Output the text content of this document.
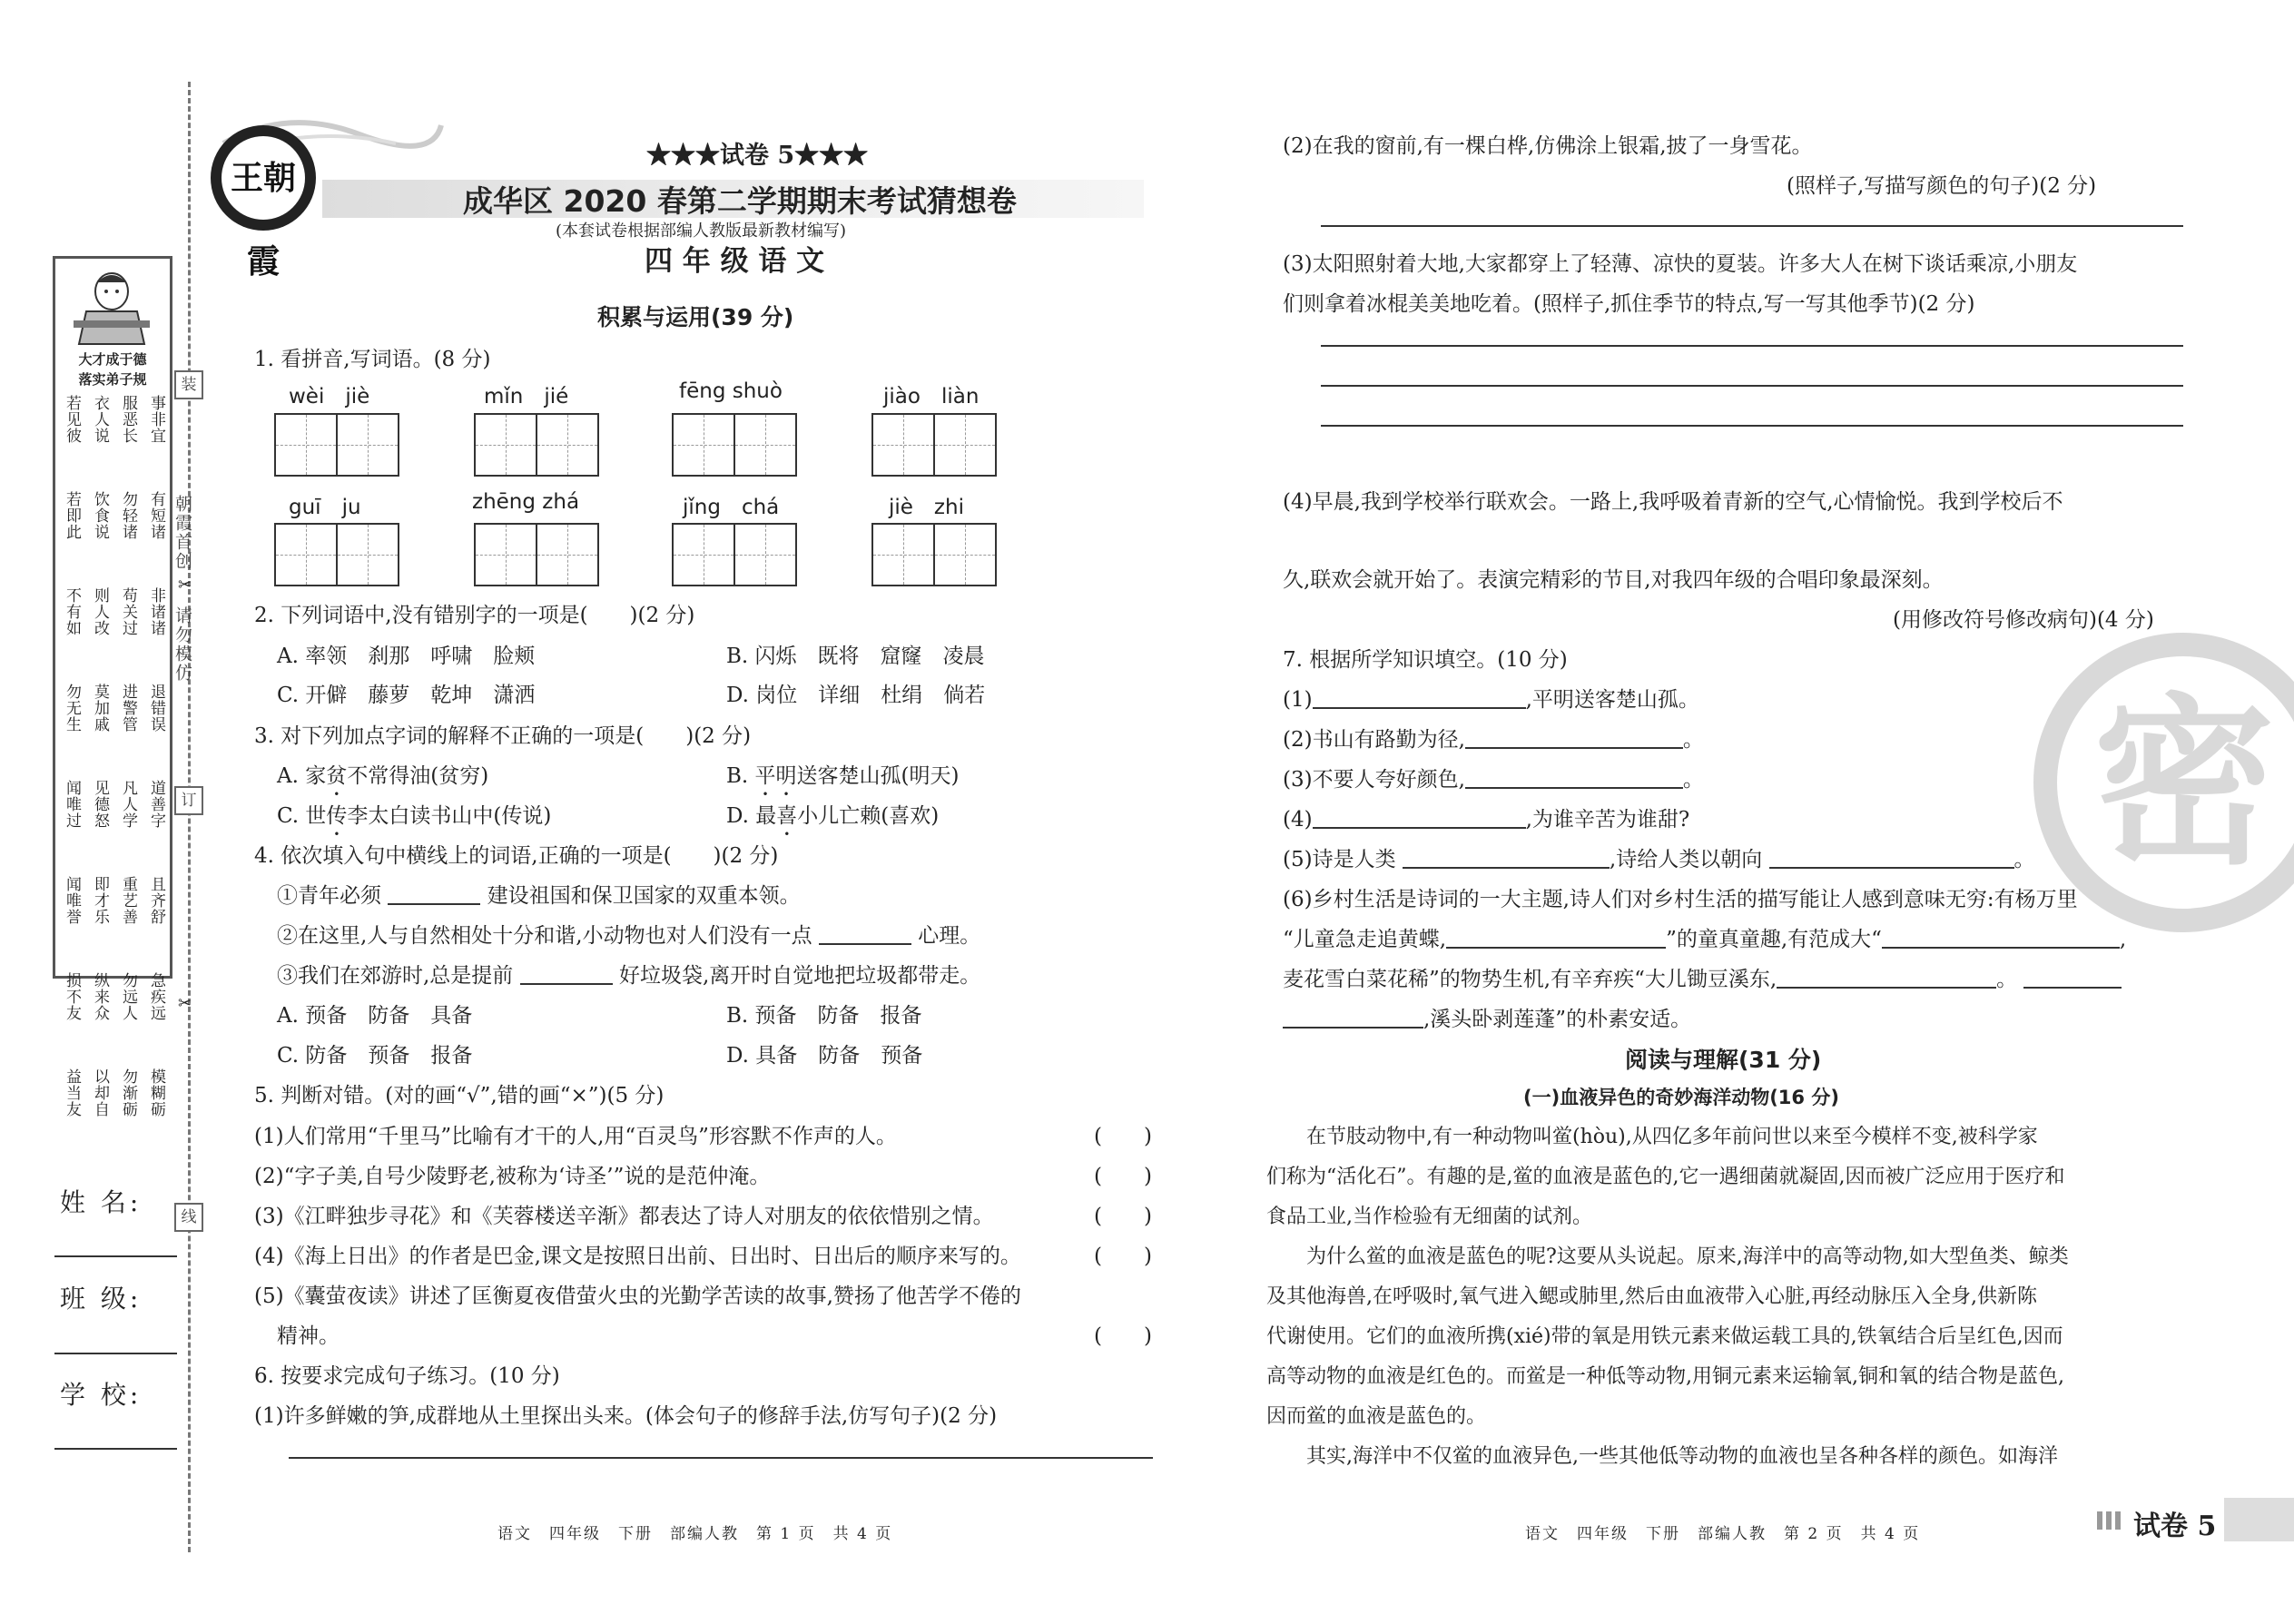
装
订
线
朝霞首创
请勿模仿
✂
✂
大才成于德
落实弟子规
若见彼 衣人说 服恶长 事非宜
若即此 饮食说 勿轻诸 有短诸
不有如 则人改 苟关过 非诸诸
勿无生 莫加戚 进警管 退错误
闻唯过 见德怒 凡人学 道善字
闻唯誉 即才乐 重艺善 且齐舒
损不友 纵来众 勿远人 急疾远
益当友 以却自 勿渐砺 模糊砺
姓 名:
班 级:
学 校:
王朝霞
★★★试卷 5★★★
成华区 2020 春第二学期期末考试猜想卷
(本套试卷根据部编人教版最新教材编写)
四 年 级 语 文
积累与运用(39 分)
1. 看拼音,写词语。(8 分)
wèi　jiè	mǐn　jié	fēng shuò	jiào　liàn
guī　ju	zhēng zhá	jǐng　chá	jiè　zhi
2. 下列词语中,没有错别字的一项是(　　)(2 分)
A. 率领　刹那　呼啸　脸颊	B. 闪烁　既将　窟窿　凌晨
C. 开僻　藤萝　乾坤　潇洒	D. 岗位　详细　杜绢　倘若
3. 对下列加点字词的解释不正确的一项是(　　)(2 分)
A. 家贫不常得油(贫穷)	B. 平明送客楚山孤(明天)
C. 世传李太白读书山中(传说)	D. 最喜小儿亡赖(喜欢)
4. 依次填入句中横线上的词语,正确的一项是(　　)(2 分)
①青年必须	建设祖国和保卫国家的双重本领。
②在这里,人与自然相处十分和谐,小动物也对人们没有一点	心理。
③我们在郊游时,总是提前	好垃圾袋,离开时自觉地把垃圾都带走。
A. 预备　防备　具备	B. 预备　防备　报备
C. 防备　预备　报备	D. 具备　防备　预备
5. 判断对错。(对的画“√”,错的画“×”)(5 分)
(1)人们常用“千里马”比喻有才干的人,用“百灵鸟”形容默不作声的人。	(　　)
(2)“字子美,自号少陵野老,被称为‘诗圣’”说的是范仲淹。	(　　)
(3)《江畔独步寻花》和《芙蓉楼送辛渐》都表达了诗人对朋友的依依惜别之情。	(　　)
(4)《海上日出》的作者是巴金,课文是按照日出前、日出时、日出后的顺序来写的。	(　　)
(5)《囊萤夜读》讲述了匡衡夏夜借萤火虫的光勤学苦读的故事,赞扬了他苦学不倦的
精神。	(　　)
6. 按要求完成句子练习。(10 分)
(1)许多鲜嫩的笋,成群地从土里探出头来。(体会句子的修辞手法,仿写句子)(2 分)
密
(2)在我的窗前,有一棵白桦,仿佛涂上银霜,披了一身雪花。
(照样子,写描写颜色的句子)(2 分)
(3)太阳照射着大地,大家都穿上了轻薄、凉快的夏装。许多大人在树下谈话乘凉,小朋友
们则拿着冰棍美美地吃着。(照样子,抓住季节的特点,写一写其他季节)(2 分)
(4)早晨,我到学校举行联欢会。一路上,我呼吸着青新的空气,心情愉悦。我到学校后不
久,联欢会就开始了。表演完精彩的节目,对我四年级的合唱印象最深刻。
(用修改符号修改病句)(4 分)
7. 根据所学知识填空。(10 分)
(1)	,平明送客楚山孤。
(2)书山有路勤为径,	。
(3)不要人夸好颜色,	。
(4)	,为谁辛苦为谁甜?
(5)诗是人类	,诗给人类以朝向	。
(6)乡村生活是诗词的一大主题,诗人们对乡村生活的描写能让人感到意味无穷:有杨万里
“儿童急走追黄蝶,	”的童真童趣,有范成大“	,
麦花雪白菜花稀”的物势生机,有辛弃疾“大儿锄豆溪东,	。
,溪头卧剥莲蓬”的朴素安适。
阅读与理解(31 分)
(一)血液异色的奇妙海洋动物(16 分)
　　在节肢动物中,有一种动物叫鲎(hòu),从四亿多年前问世以来至今模样不变,被科学家
们称为“活化石”。有趣的是,鲎的血液是蓝色的,它一遇细菌就凝固,因而被广泛应用于医疗和
食品工业,当作检验有无细菌的试剂。
　　为什么鲎的血液是蓝色的呢?这要从头说起。原来,海洋中的高等动物,如大型鱼类、鲸类
及其他海兽,在呼吸时,氧气进入鳃或肺里,然后由血液带入心脏,再经动脉压入全身,供新陈
代谢使用。它们的血液所携(xié)带的氧是用铁元素来做运载工具的,铁氧结合后呈红色,因而
高等动物的血液是红色的。而鲎是一种低等动物,用铜元素来运输氧,铜和氧的结合物是蓝色,
因而鲎的血液是蓝色的。
　　其实,海洋中不仅鲎的血液异色,一些其他低等动物的血液也呈各种各样的颜色。如海洋
语文　四年级　下册　部编人教　第 1 页　共 4 页	语文　四年级　下册　部编人教　第 2 页　共 4 页	试卷 5
